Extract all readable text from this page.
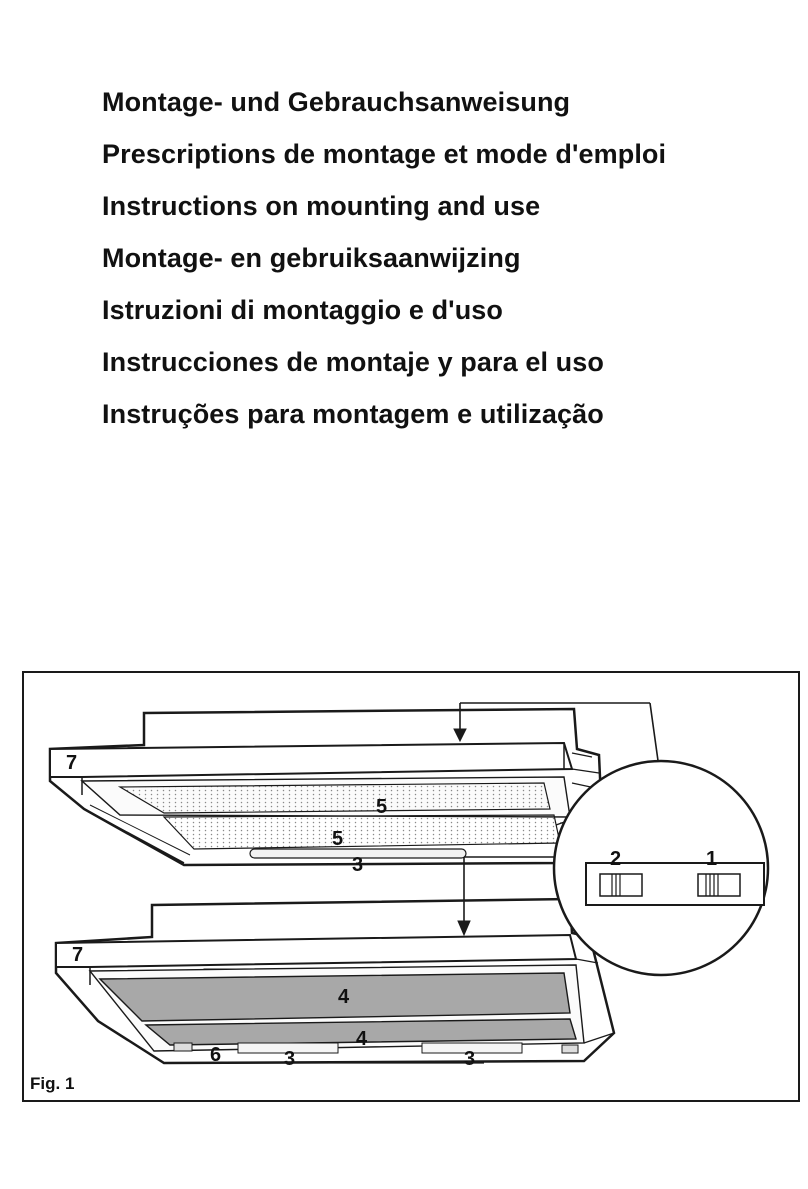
Montage- und Gebrauchsanweisung
Prescriptions de montage et mode d'emploi
Instructions on mounting and use
Montage- en gebruiksaanwijzing
Istruzioni di montaggio e d'uso
Instrucciones de montaje y para el uso
Instruções para montagem e utilização
7
5
5
3
7
4
4
6	3	3
2	1
Fig. 1
